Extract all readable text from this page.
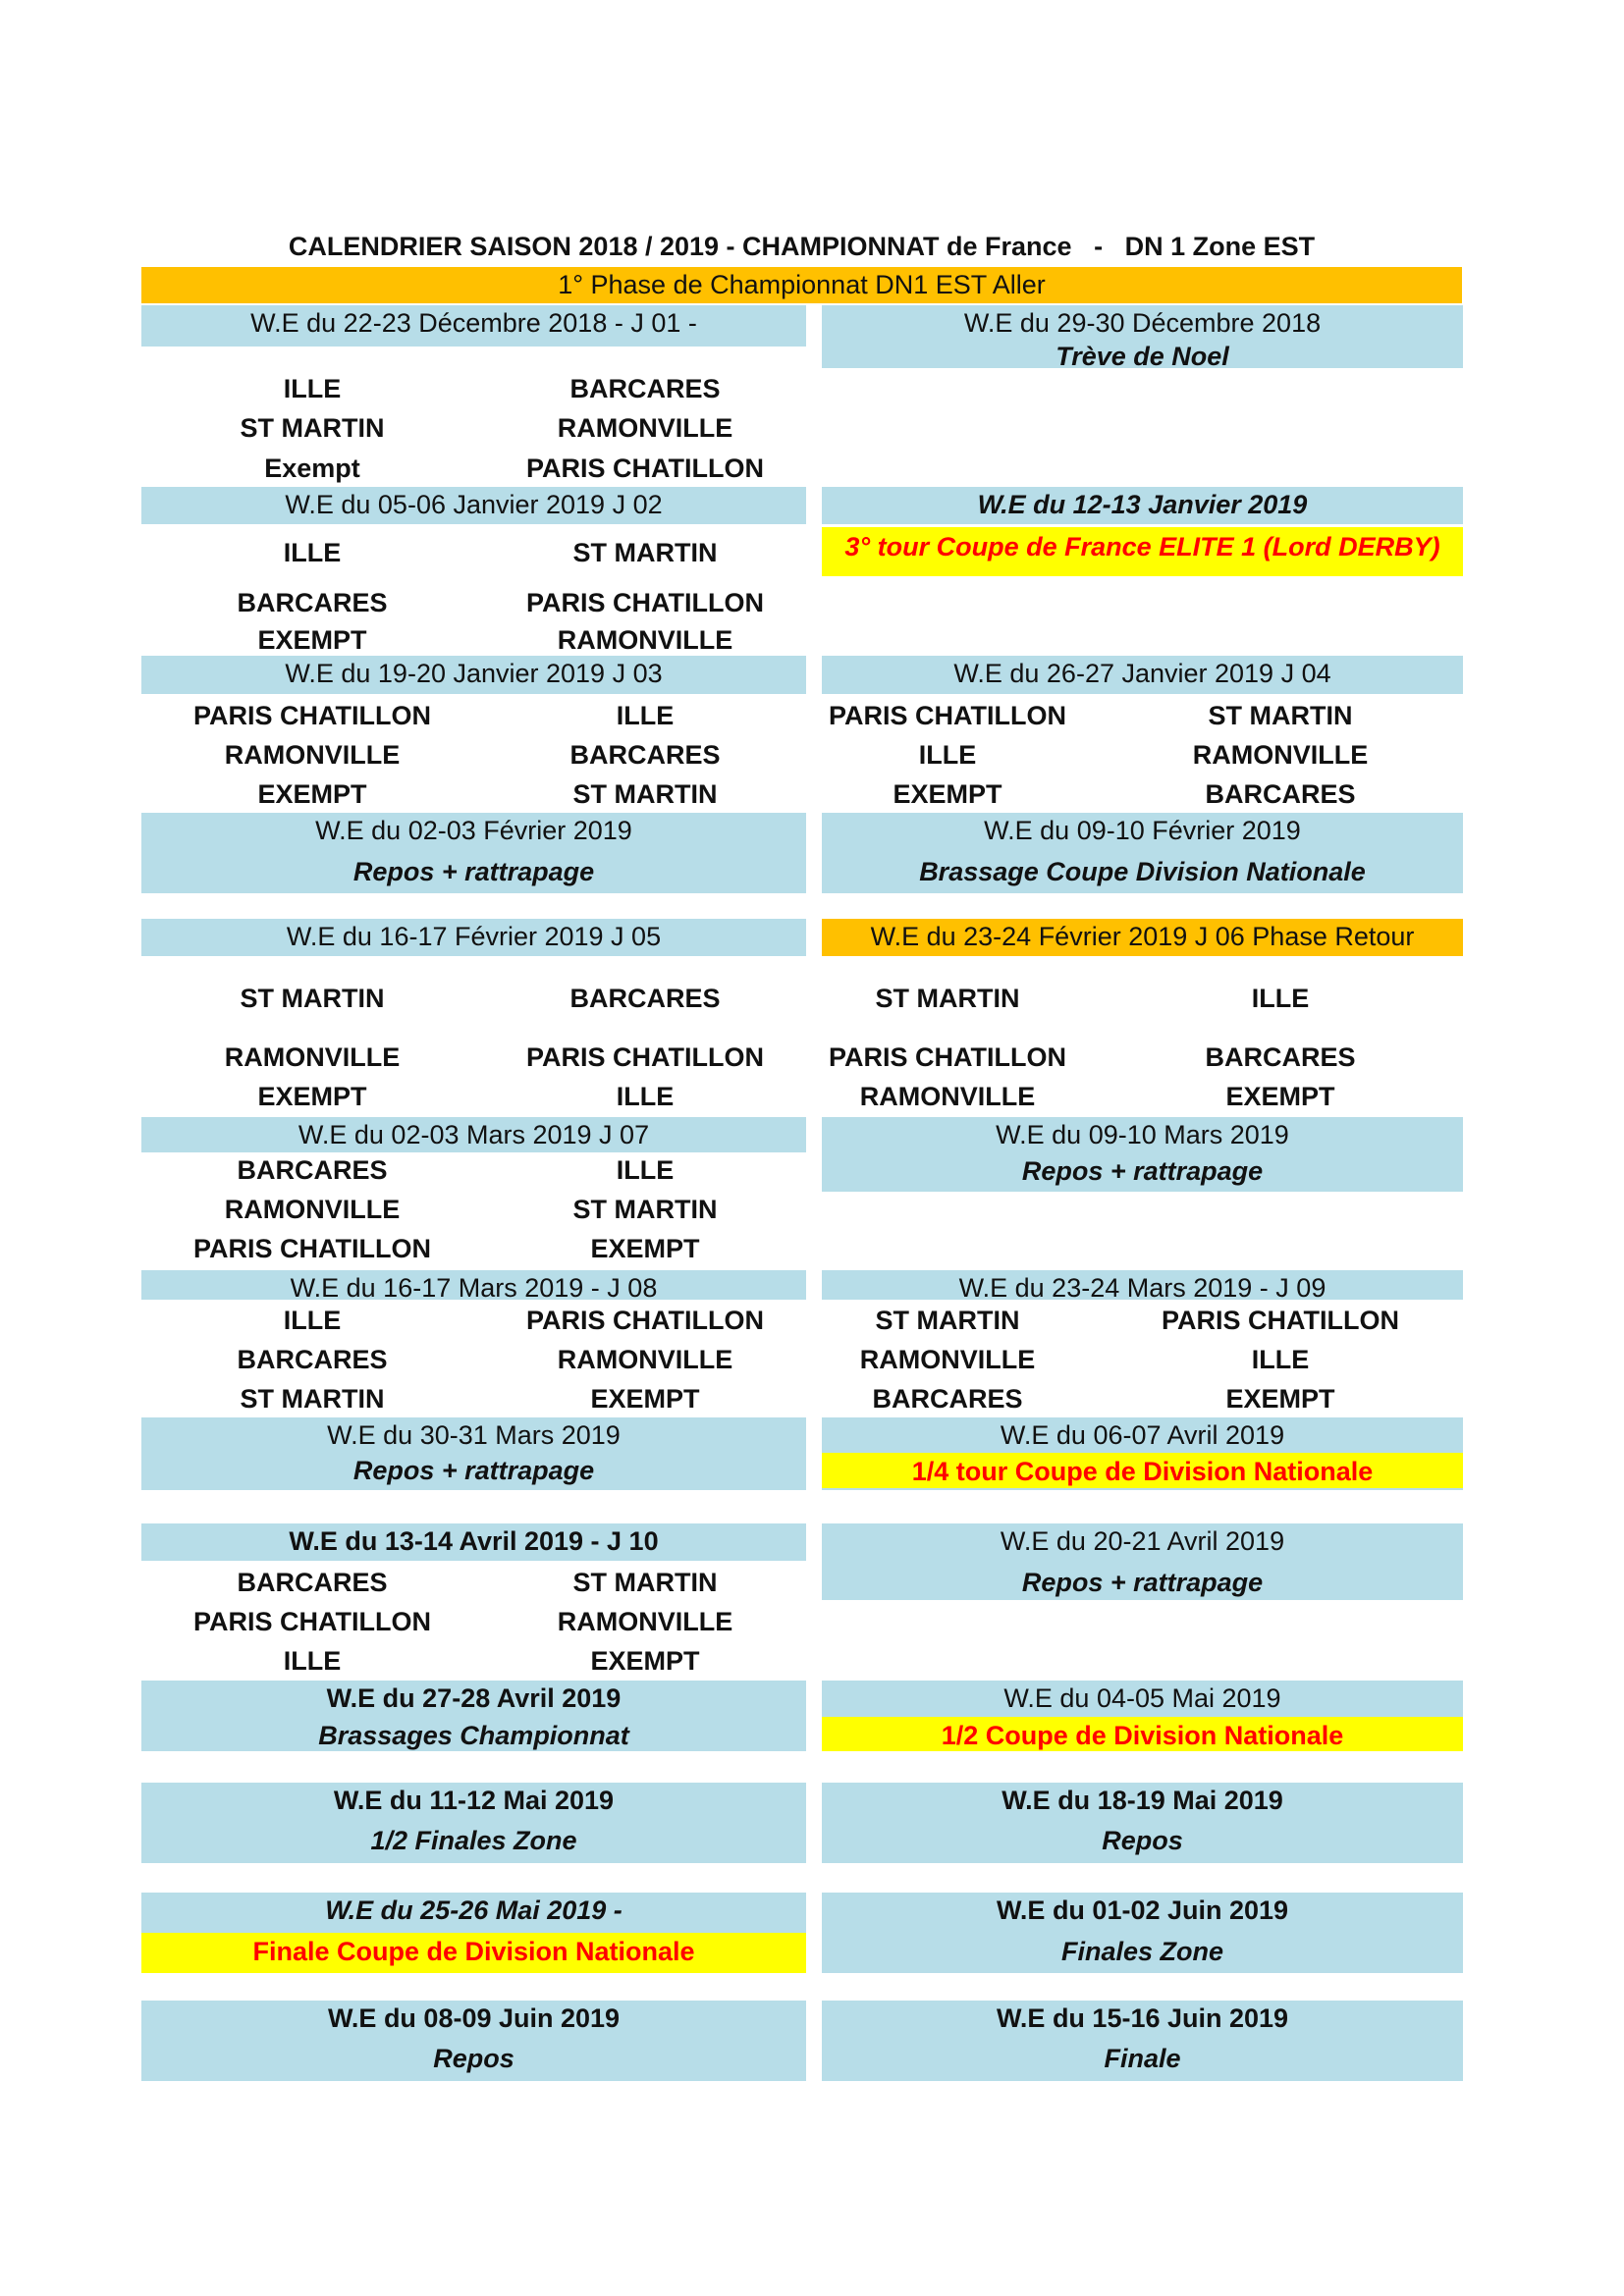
CALENDRIER SAISON 2018 / 2019 - CHAMPIONNAT de France   -   DN 1 Zone EST
1° Phase de Championnat DN1 EST Aller
W.E du 22-23 Décembre 2018 - J 01 -
ILLE	BARCARES
ST MARTIN	RAMONVILLE
Exempt	PARIS CHATILLON
W.E du 29-30 Décembre 2018
Trève de Noel
W.E du 05-06 Janvier 2019 J 02
ILLE	ST MARTIN
BARCARES	PARIS CHATILLON
EXEMPT	RAMONVILLE
W.E du 12-13 Janvier 2019
3° tour Coupe de France ELITE 1 (Lord DERBY)
W.E du 19-20 Janvier 2019 J 03
PARIS CHATILLON	ILLE
RAMONVILLE	BARCARES
EXEMPT	ST MARTIN
W.E du 26-27 Janvier 2019 J 04
PARIS CHATILLON	ST MARTIN
ILLE	RAMONVILLE
EXEMPT	BARCARES
W.E du 02-03 Février 2019
Repos + rattrapage
W.E du 09-10 Février 2019
Brassage Coupe Division Nationale
W.E du 16-17 Février 2019 J 05
ST MARTIN	BARCARES
RAMONVILLE	PARIS CHATILLON
EXEMPT	ILLE
W.E du 23-24 Février 2019 J 06 Phase Retour
ST MARTIN	ILLE
PARIS CHATILLON	BARCARES
RAMONVILLE	EXEMPT
W.E du 02-03 Mars 2019 J 07
BARCARES	ILLE
RAMONVILLE	ST MARTIN
PARIS CHATILLON	EXEMPT
W.E du 09-10 Mars 2019
Repos + rattrapage
W.E du 16-17 Mars 2019 - J 08
ILLE	PARIS CHATILLON
BARCARES	RAMONVILLE
ST MARTIN	EXEMPT
W.E du 23-24 Mars 2019 - J 09
ST MARTIN	PARIS CHATILLON
RAMONVILLE	ILLE
BARCARES	EXEMPT
W.E du 30-31 Mars 2019
Repos + rattrapage
W.E du 06-07 Avril 2019
1/4 tour Coupe de Division Nationale
W.E du 13-14 Avril 2019 - J 10
BARCARES	ST MARTIN
PARIS CHATILLON	RAMONVILLE
ILLE	EXEMPT
W.E du 20-21 Avril 2019
Repos + rattrapage
W.E du 27-28 Avril 2019
Brassages Championnat
W.E du 04-05 Mai 2019
1/2 Coupe de Division Nationale
W.E du 11-12 Mai 2019
1/2 Finales Zone
W.E du 18-19 Mai 2019
Repos
W.E du 25-26 Mai 2019 -
Finale Coupe de Division Nationale
W.E du 01-02 Juin 2019
Finales Zone
W.E du 08-09 Juin 2019
Repos
W.E du 15-16 Juin 2019
Finale
